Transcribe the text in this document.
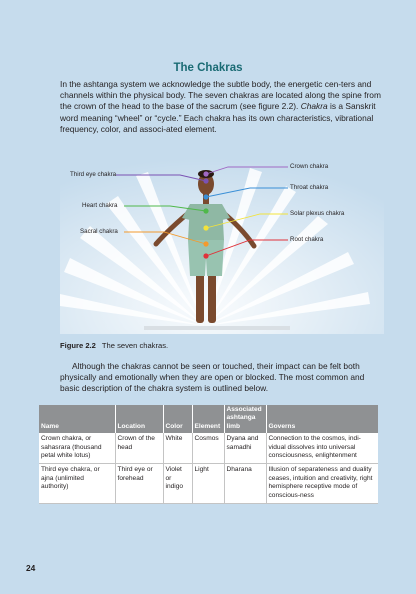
The Chakras

In the ashtanga system we acknowledge the subtle body, the energetic cen-ters and channels within the physical body. The seven chakras are located along the spine from the crown of the head to the base of the sacrum (see figure 2.2). Chakra is a Sanskrit word meaning “wheel” or “cycle.” Each chakra has its own characteristics, vibrational frequency, color, and associ-ated element.

Crown chakra
Third eye chakra
Throat chakra
Heart chakra
Solar plexus chakra
Sacral chakra
Root chakra
Figure 2.2 The seven chakras.

Although the chakras cannot be seen or touched, their impact can be felt both physically and emotionally when they are open or blocked. The most common and basic description of the chakra system is outlined below.

Name	Location	Color	Element	Associated ashtanga limb	Governs
Crown chakra, or sahasrara (thousand petal white lotus)	Crown of the head	White	Cosmos	Dyana and samadhi	Connection to the cosmos, indi-vidual dissolves into universal consciousness, enlightenment
Third eye chakra, or ajna (unlimited authority)	Third eye or forehead	Violet or indigo	Light	Dharana	Illusion of separateness and duality ceases, intuition and creativity, right hemisphere receptive mode of conscious-ness
24
